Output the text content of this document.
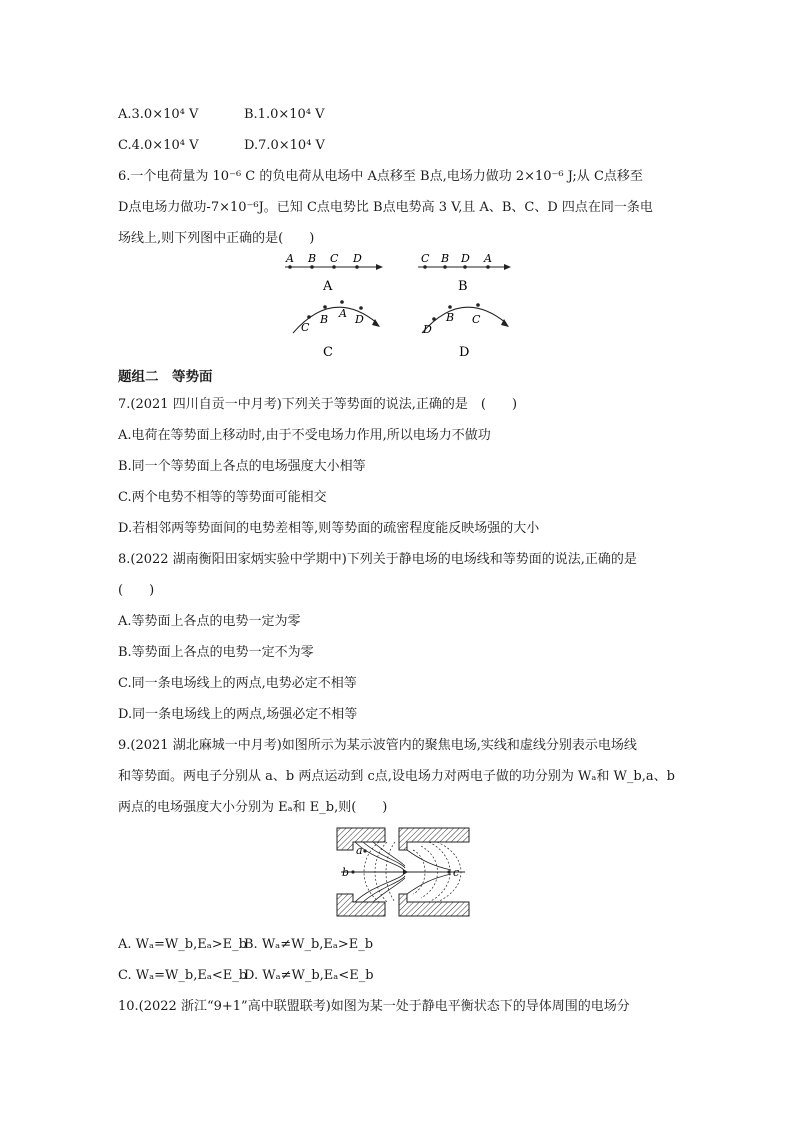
A.3.0×10⁴ V	B.1.0×10⁴ V
C.4.0×10⁴ V	D.7.0×10⁴ V
6.一个电荷量为 10⁻⁶ C 的负电荷从电场中 A点移至 B点,电场力做功 2×10⁻⁶ J;从 C点移至
D点电场力做功-7×10⁻⁶J。已知 C点电势比 B点电势高 3 V,且 A、B、C、D 四点在同一条电
场线上,则下列图中正确的是(　　)
A B C D
A
C B D A
B
C
B A D
C
D
B C
D
题组二　等势面
7.(2021 四川自贡一中月考)下列关于等势面的说法,正确的是　(　　)
A.电荷在等势面上移动时,由于不受电场力作用,所以电场力不做功
B.同一个等势面上各点的电场强度大小相等
C.两个电势不相等的等势面可能相交
D.若相邻两等势面间的电势差相等,则等势面的疏密程度能反映场强的大小
8.(2022 湖南衡阳田家炳实验中学期中)下列关于静电场的电场线和等势面的说法,正确的是
(　　)
A.等势面上各点的电势一定为零
B.等势面上各点的电势一定不为零
C.同一条电场线上的两点,电势必定不相等
D.同一条电场线上的两点,场强必定不相等
9.(2021 湖北麻城一中月考)如图所示为某示波管内的聚焦电场,实线和虚线分别表示电场线
和等势面。两电子分别从 a、b 两点运动到 c点,设电场力对两电子做的功分别为 Wₐ和 W_b,a、b
两点的电场强度大小分别为 Eₐ和 E_b,则(　　)
a
b	c
A. Wₐ=W_b,Eₐ>E_b
B. Wₐ≠W_b,Eₐ>E_b
C. Wₐ=W_b,Eₐ<E_b
D. Wₐ≠W_b,Eₐ<E_b
10.(2022 浙江“9+1”高中联盟联考)如图为某一处于静电平衡状态下的导体周围的电场分
